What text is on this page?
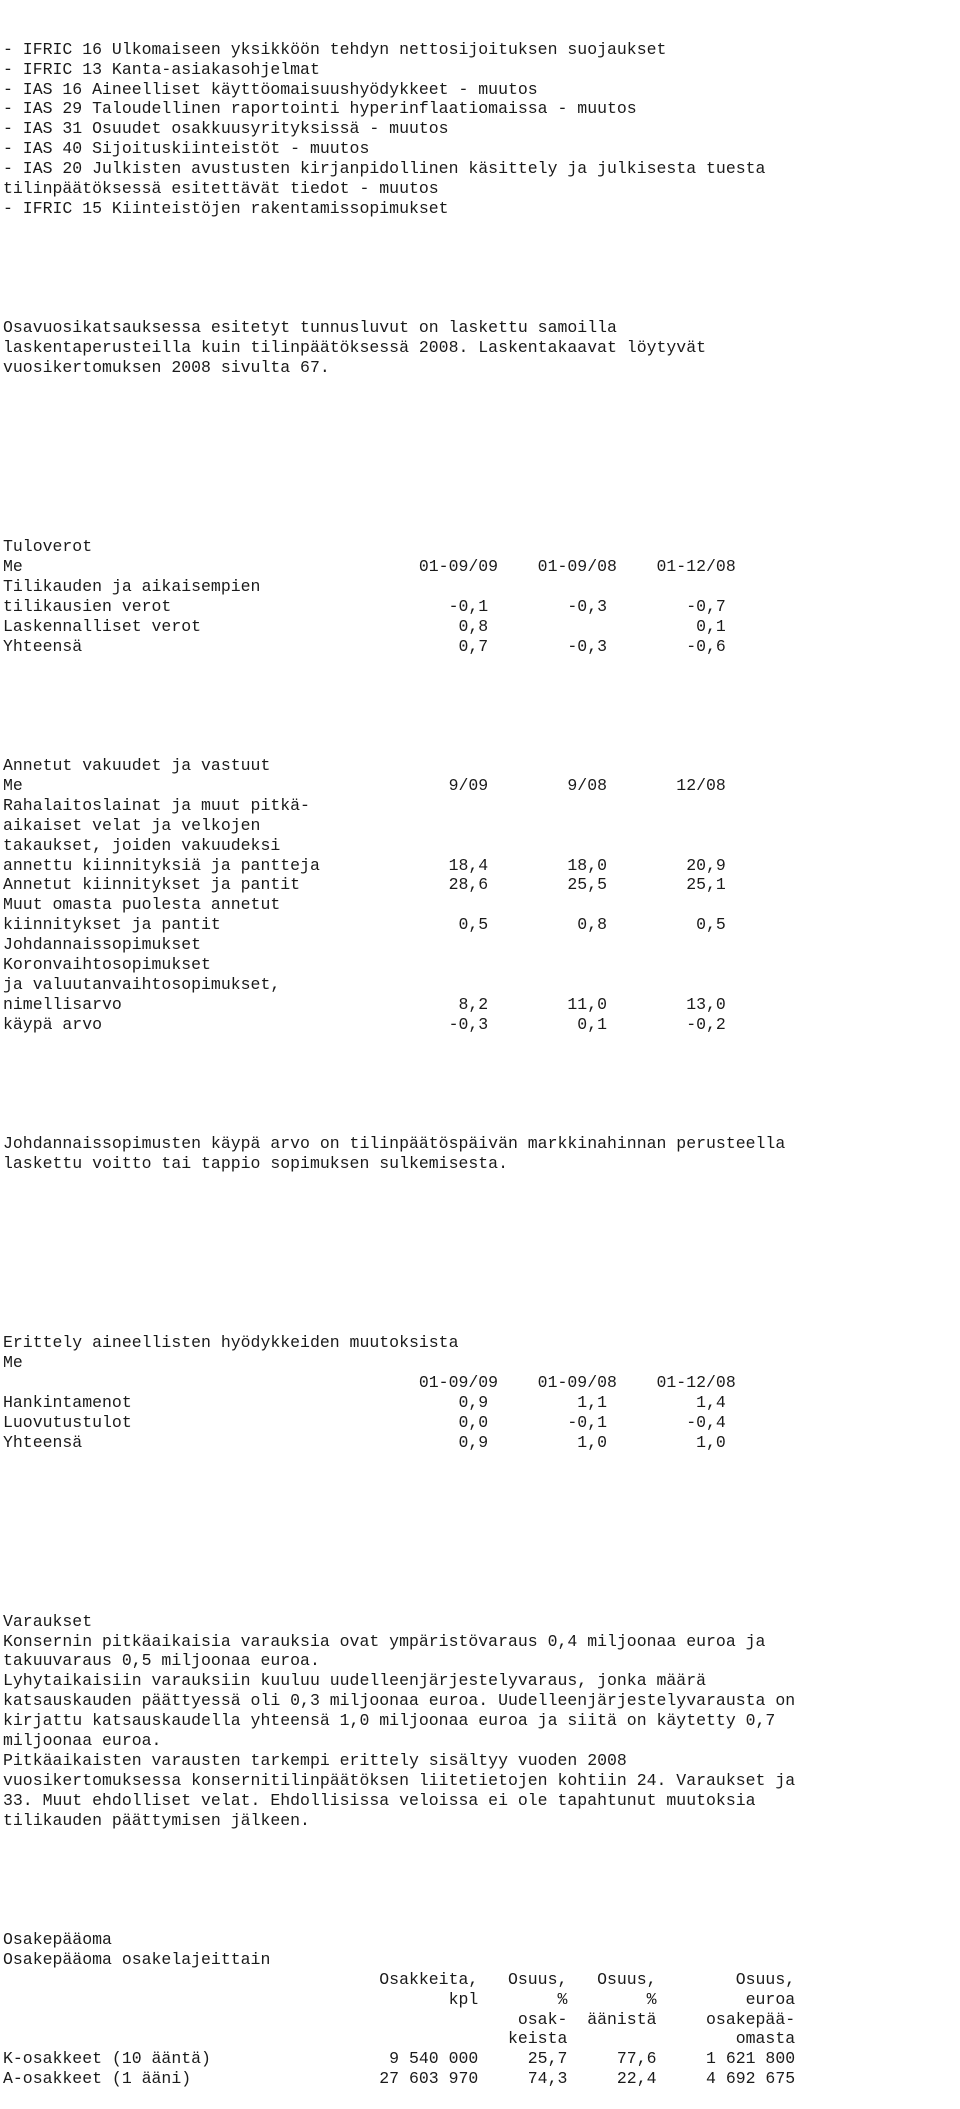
- IFRIC 16 Ulkomaiseen yksikköön tehdyn nettosijoituksen suojaukset
- IFRIC 13 Kanta-asiakasohjelmat
- IAS 16 Aineelliset käyttöomaisuushyödykkeet - muutos
- IAS 29 Taloudellinen raportointi hyperinflaatiomaissa - muutos
- IAS 31 Osuudet osakkuusyrityksissä - muutos
- IAS 40 Sijoituskiinteistöt - muutos
- IAS 20 Julkisten avustusten kirjanpidollinen käsittely ja julkisesta tuesta
tilinpäätöksessä esitettävät tiedot - muutos
- IFRIC 15 Kiinteistöjen rakentamissopimukset

Osavuosikatsauksessa esitetyt tunnusluvut on laskettu samoilla
laskentaperusteilla kuin tilinpäätöksessä 2008. Laskentakaavat löytyvät
vuosikertomuksen 2008 sivulta 67.

Tuloverot
Me                                        01-09/09    01-09/08    01-12/08
Tilikauden ja aikaisempien
tilikausien verot                            -0,1        -0,3        -0,7
Laskennalliset verot                          0,8                     0,1
Yhteensä                                      0,7        -0,3        -0,6

Annetut vakuudet ja vastuut
Me                                           9/09        9/08       12/08
Rahalaitoslainat ja muut pitkä-
aikaiset velat ja velkojen
takaukset, joiden vakuudeksi
annettu kiinnityksiä ja pantteja             18,4        18,0        20,9
Annetut kiinnitykset ja pantit               28,6        25,5        25,1
Muut omasta puolesta annetut
kiinnitykset ja pantit                        0,5         0,8         0,5
Johdannaissopimukset
Koronvaihtosopimukset
ja valuutanvaihtosopimukset,
nimellisarvo                                  8,2        11,0        13,0
käypä arvo                                   -0,3         0,1        -0,2

Johdannaissopimusten käypä arvo on tilinpäätöspäivän markkinahinnan perusteella
laskettu voitto tai tappio sopimuksen sulkemisesta.

Erittely aineellisten hyödykkeiden muutoksista
Me
01-09/09    01-09/08    01-12/08
Hankintamenot                                 0,9         1,1         1,4
Luovutustulot                                 0,0        -0,1        -0,4
Yhteensä                                      0,9         1,0         1,0

Varaukset
Konsernin pitkäaikaisia varauksia ovat ympäristövaraus 0,4 miljoonaa euroa ja
takuuvaraus 0,5 miljoonaa euroa.
Lyhytaikaisiin varauksiin kuuluu uudelleenjärjestelyvaraus, jonka määrä
katsauskauden päättyessä oli 0,3 miljoonaa euroa. Uudelleenjärjestelyvarausta on
kirjattu katsauskaudella yhteensä 1,0 miljoonaa euroa ja siitä on käytetty 0,7
miljoonaa euroa.
Pitkäaikaisten varausten tarkempi erittely sisältyy vuoden 2008
vuosikertomuksessa konsernitilinpäätöksen liitetietojen kohtiin 24. Varaukset ja
33. Muut ehdolliset velat. Ehdollisissa veloissa ei ole tapahtunut muutoksia
tilikauden päättymisen jälkeen.

Osakepääoma
Osakepääoma osakelajeittain
Osakkeita,   Osuus,   Osuus,        Osuus,
kpl        %        %         euroa
osak-  äänistä     osakepää-
keista                 omasta
K-osakkeet (10 ääntä)                  9 540 000     25,7     77,6     1 621 800
A-osakkeet (1 ääni)                   27 603 970     74,3     22,4     4 692 675
